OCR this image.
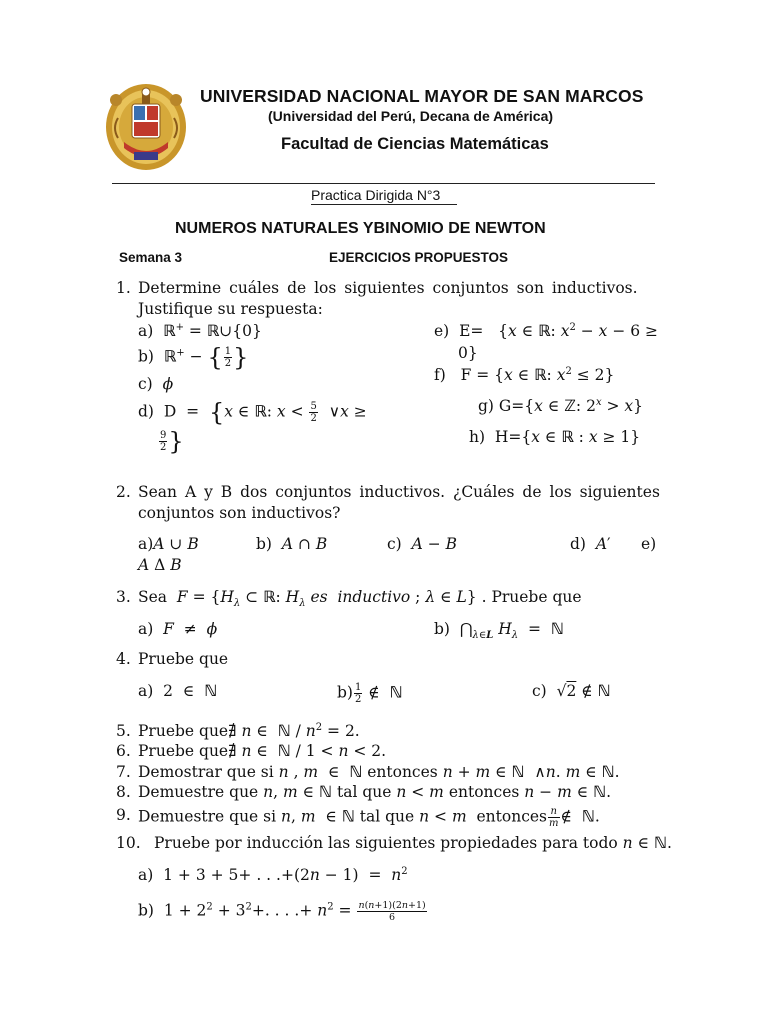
UNIVERSIDAD NACIONAL MAYOR DE SAN MARCOS
(Universidad del Perú, Decana de América)
Facultad de Ciencias Matemáticas
Practica Dirigida N°3
NUMEROS NATURALES YBINOMIO DE NEWTON
Semana 3	EJERCICIOS PROPUESTOS
1. Determine cuáles de los siguientes conjuntos son inductivos.
Justifique su respuesta:
a)  ℝ+ = ℝ∪{0}
b)  ℝ+ − { $\frac{1}{2}$ }
c)  ϕ
d)  D  =  {x ∈ ℝ: $x < \frac{5}{2}$ ∨x ≥
$\frac{9}{2}$ }
e)  E=   {x ∈ ℝ: $x^2 - x - 6$ ≥
0}
f)   F = {x ∈ ℝ: $x^2 \le 2$}
g) G={x ∈ ℤ: $2^x > x$}
h)  H={x ∈ ℝ : x ≥ 1}
2. Sean A y B dos conjuntos inductivos. ¿Cuáles de los siguientes
conjuntos son inductivos?
a)A ∪ B	b)  A ∩ B	c)  A − B	d)  A′ e)
A Δ B
3. Sea  $F = \{H_\lambda$ ⊂ ℝ: $H_\lambda$ es  inductivo ; λ ∈ L} . Pruebe que
a)  F  ≠  ϕ	b)  $⋂_{\lambda\in L}$ $H_\lambda$  =  ℕ
4. Pruebe que
a)  2  ∈  ℕ	$b) \frac{1}{2}$ ∉  ℕ	c)  √2 ∉ ℕ
5. Pruebe que∄ n ∈  ℕ / $n^2 = 2$.
6. Pruebe que∄ n ∈  ℕ / 1 < n < 2.
7. Demostrar que si n , m  ∈  ℕ entonces n + m ∈ ℕ  ∧n. m ∈ ℕ.
8. Demuestre que n, m ∈ ℕ tal que n < m entonces n − m ∈ ℕ.
9. Demuestre que si n, m  ∈ ℕ tal que n < m entonces $\frac{n}{m}$ ∉  ℕ.
10. Pruebe por inducción las siguientes propiedades para todo n ∈ ℕ.
a)  1 + 3 + 5+ . . $.+(2n - 1) = n^2$
b)  $1 + 2^2 + 3^2+$. . . .+ $n^2 = \frac{n(n+1)(2n+1)}{6}$
